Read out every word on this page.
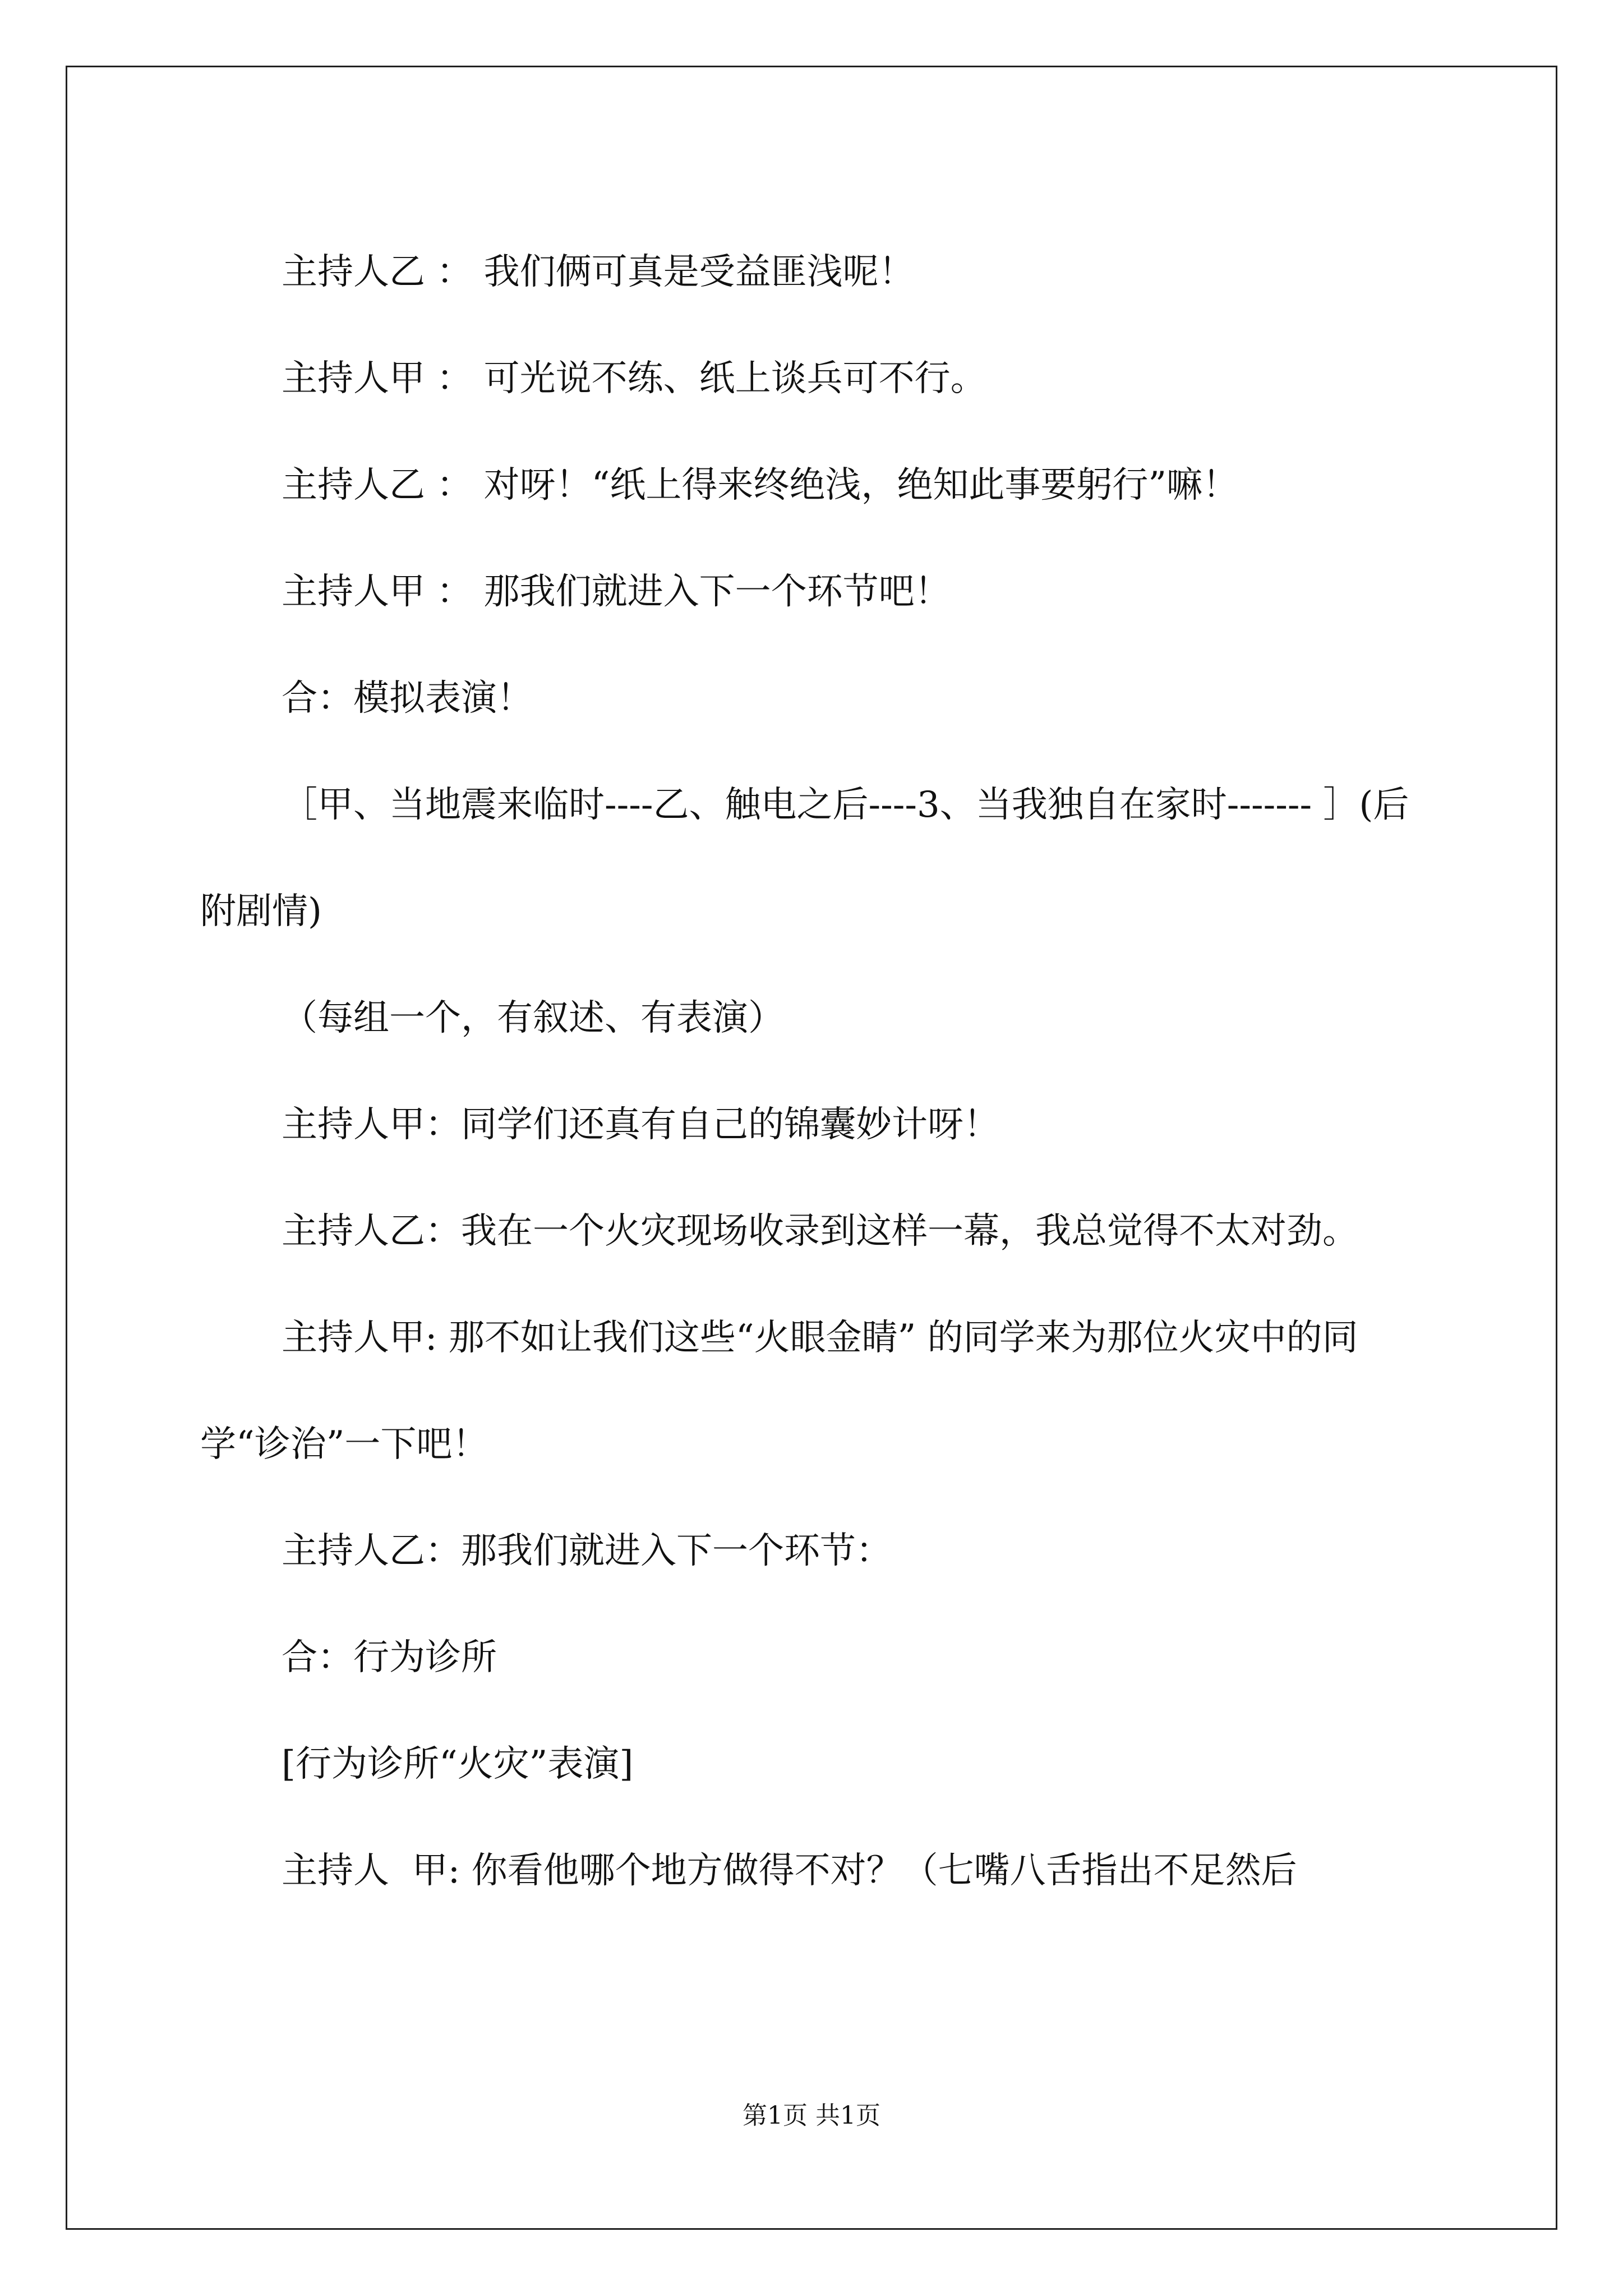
主持人乙 ： 我们俩可真是受益匪浅呢！

主持人甲 ： 可光说不练、纸上谈兵可不行。

主持人乙 ： 对呀！“纸上得来终绝浅，绝知此事要躬行”嘛！

主持人甲 ： 那我们就进入下一个环节吧！

合：模拟表演！

［甲、当地震来临时----乙、触电之后----3、当我独自在家时------- ］(后附剧情)

（每组一个，有叙述、有表演）

主持人甲：同学们还真有自己的锦囊妙计呀！

主持人乙：我在一个火灾现场收录到这样一幕，我总觉得不太对劲。

主持人甲: 那不如让我们这些“火眼金睛” 的同学来为那位火灾中的同学“诊治”一下吧！

主持人乙：那我们就进入下一个环节：

合：行为诊所

[行为诊所“火灾”表演]

主持人  甲: 你看他哪个地方做得不对？（七嘴八舌指出不足然后

第1页 共1页
